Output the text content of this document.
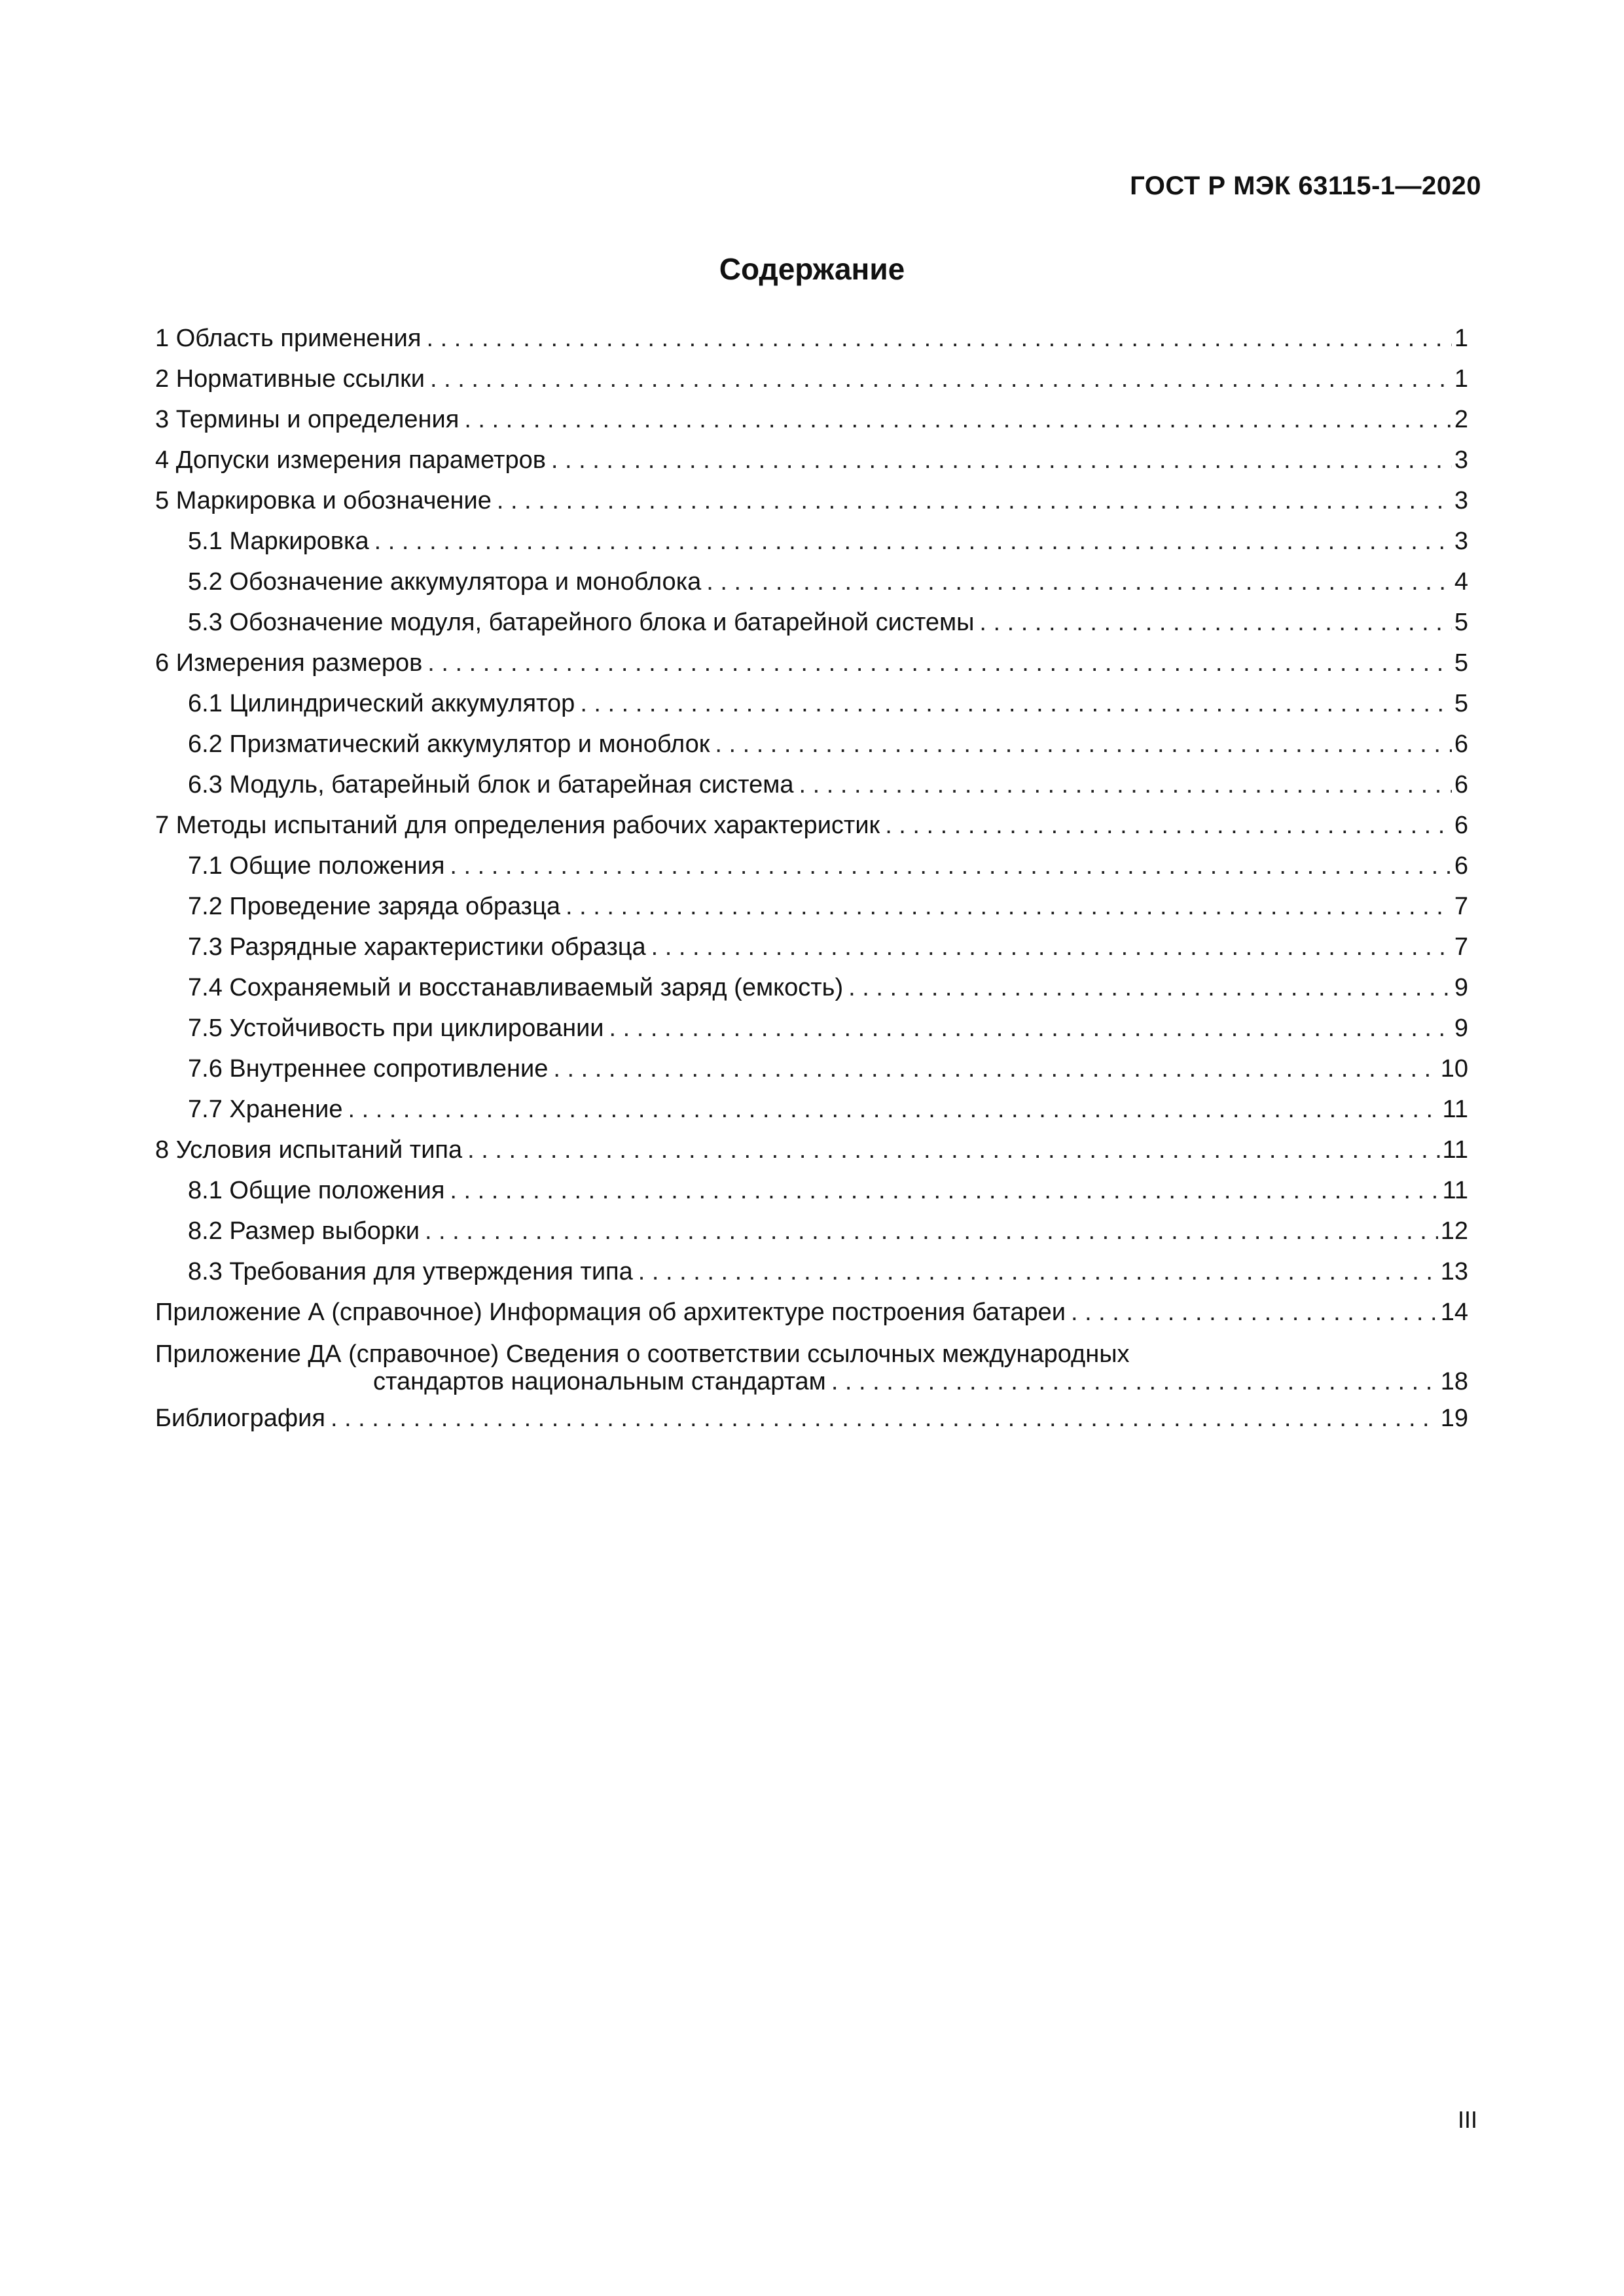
ГОСТ Р МЭК 63115-1—2020
Содержание
1 Область применения . . .	1
2 Нормативные ссылки . . .	1
3 Термины и определения . . .	2
4 Допуски измерения параметров . . .	3
5 Маркировка и обозначение . . .	3
5.1 Маркировка . . .	3
5.2 Обозначение аккумулятора и моноблока . . .	4
5.3 Обозначение модуля, батарейного блока и батарейной системы . . .	5
6 Измерения размеров . . .	5
6.1 Цилиндрический аккумулятор . . .	5
6.2 Призматический аккумулятор и моноблок . . .	6
6.3 Модуль, батарейный блок и батарейная система . . .	6
7 Методы испытаний для определения рабочих характеристик . . .	6
7.1 Общие положения . . .	6
7.2 Проведение заряда образца . . .	7
7.3 Разрядные характеристики образца . . .	7
7.4 Сохраняемый и восстанавливаемый заряд (емкость) . . .	9
7.5 Устойчивость при циклировании . . .	9
7.6 Внутреннее сопротивление . . .	10
7.7 Хранение . . .	11
8 Условия испытаний типа . . .	11
8.1 Общие положения . . .	11
8.2 Размер выборки . . .	12
8.3 Требования для утверждения типа . . .	13
Приложение А (справочное) Информация об архитектуре построения батареи . . .	14
Приложение ДА (справочное) Сведения о соответствии ссылочных международных
стандартов национальным стандартам . . .	18
Библиография . . .	19
III
